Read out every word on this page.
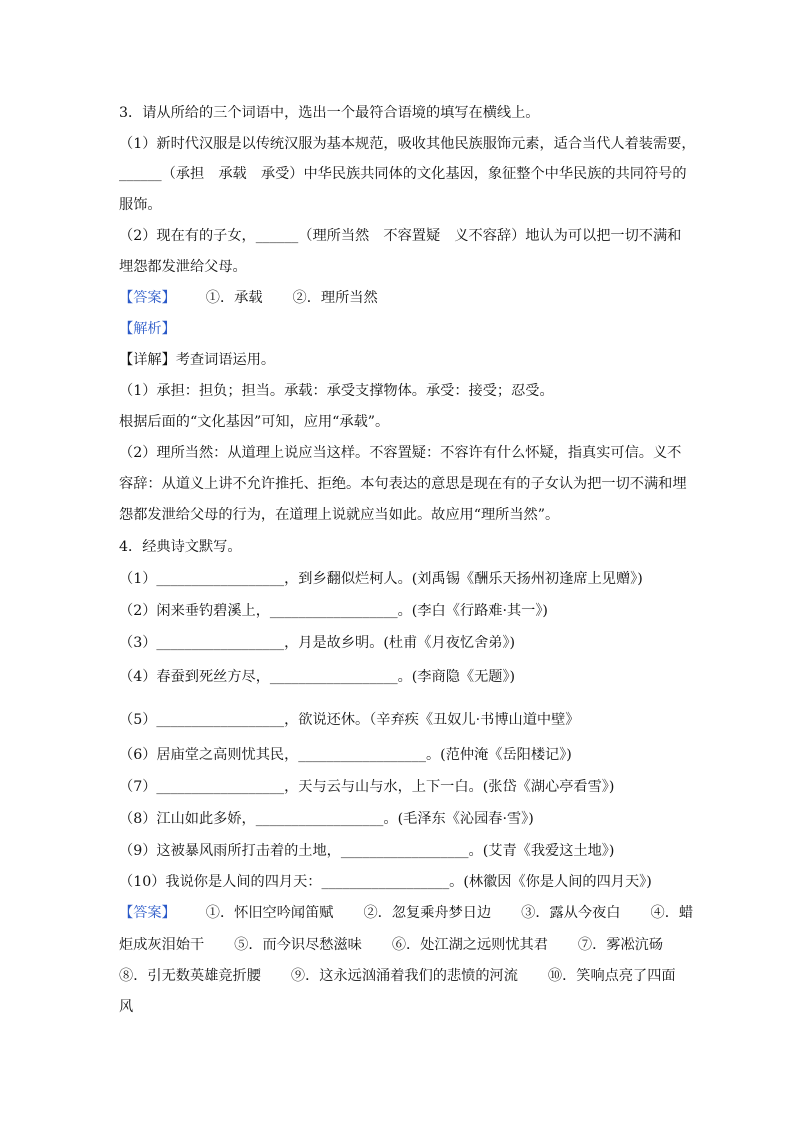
3．请从所给的三个词语中，选出一个最符合语境的填写在横线上。
（1）新时代汉服是以传统汉服为基本规范，吸收其他民族服饰元素，适合当代人着装需要，
______（承担　承载　承受）中华民族共同体的文化基因，象征整个中华民族的共同符号的
服饰。
（2）现在有的子女，______（理所当然　不容置疑　义不容辞）地认为可以把一切不满和
埋怨都发泄给父母。
【答案】 ①．承载 ②．理所当然
【解析】
【详解】考查词语运用。
（1）承担：担负；担当。承载：承受支撑物体。承受：接受；忍受。
根据后面的“文化基因”可知，应用“承载”。
（2）理所当然：从道理上说应当这样。不容置疑：不容许有什么怀疑，指真实可信。义不
容辞：从道义上讲不允许推托、拒绝。本句表达的意思是现在有的子女认为把一切不满和埋
怨都发泄给父母的行为，在道理上说就应当如此。故应用“理所当然”。
4．经典诗文默写。
（1）__________________，到乡翻似烂柯人。(刘禹锡《酬乐天扬州初逢席上见赠》)
（2）闲来垂钓碧溪上，__________________。(李白《行路难·其一》)
（3）__________________，月是故乡明。(杜甫《月夜忆舍弟》)
（4）春蚕到死丝方尽，__________________。(李商隐《无题》)
（5）__________________，欲说还休。（辛弃疾《丑奴儿·书博山道中壁》
（6）居庙堂之高则忧其民，__________________。(范仲淹《岳阳楼记》)
（7）__________________，天与云与山与水，上下一白。(张岱《湖心亭看雪》)
（8）江山如此多娇，__________________。(毛泽东《沁园春·雪》)
（9）这被暴风雨所打击着的土地，__________________。(艾青《我爱这土地》)
（10）我说你是人间的四月天：__________________。(林徽因《你是人间的四月天》)
【答案】 ①．怀旧空吟闻笛赋 ②．忽复乘舟梦日边 ③．露从今夜白 ④．蜡
炬成灰泪始干 ⑤．而今识尽愁滋味 ⑥．处江湖之远则忧其君 ⑦．雾凇沆砀
⑧．引无数英雄竞折腰 ⑨．这永远汹涌着我们的悲愤的河流 ⑩．笑响点亮了四面
风
